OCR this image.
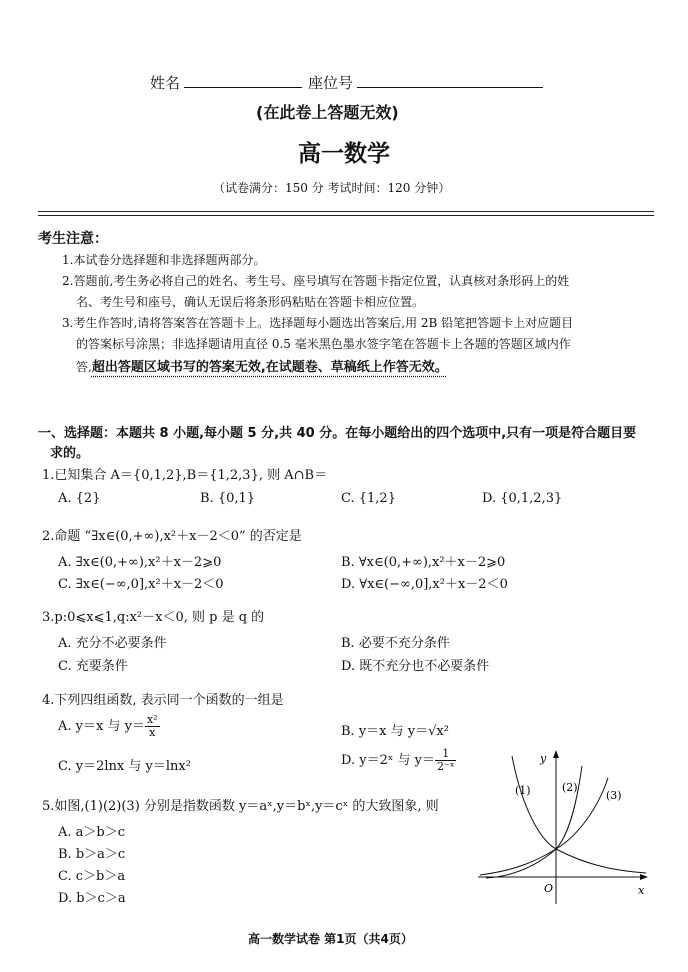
姓名	座位号
(在此卷上答题无效)
高一数学
（试卷满分：150 分 考试时间：120 分钟）
考生注意：
1.本试卷分选择题和非选择题两部分。
2.答题前,考生务必将自己的姓名、考生号、座号填写在答题卡指定位置，认真核对条形码上的姓
名、考生号和座号，确认无误后将条形码粘贴在答题卡相应位置。
3.考生作答时,请将答案答在答题卡上。选择题每小题选出答案后,用 2B 铅笔把答题卡上对应题目
的答案标号涂黑；非选择题请用直径 0.5 毫米黑色墨水签字笔在答题卡上各题的答题区域内作
答,超出答题区域书写的答案无效,在试题卷、草稿纸上作答无效。
一、选择题：本题共 8 小题,每小题 5 分,共 40 分。在每小题给出的四个选项中,只有一项是符合题目要
求的。
1.已知集合 A＝{0,1,2},B＝{1,2,3}, 则 A∩B＝
A. {2}	B. {0,1}	C. {1,2}	D. {0,1,2,3}
2.命题 “∃x∈(0,+∞),x²＋x－2＜0” 的否定是
A. ∃x∈(0,+∞),x²＋x－2⩾0	B. ∀x∈(0,+∞),x²＋x－2⩾0
C. ∃x∈(−∞,0],x²＋x－2＜0	D. ∀x∈(−∞,0],x²＋x－2＜0
3.p:0⩽x⩽1,q:x²－x＜0, 则 p 是 q 的
A. 充分不必要条件	B. 必要不充分条件
C. 充要条件	D. 既不充分也不必要条件
4.下列四组函数, 表示同一个函数的一组是
A. y＝x 与 $y= \frac{\text{x²}}{x}$	B. y＝x 与 y＝√x²
C. y＝2lnx 与 y＝lnx²	D. y＝2ˣ 与 $y= \frac{1}{\text{2⁻ˣ}}$
5.如图,(1)(2)(3) 分别是指数函数 y＝aˣ,y＝bˣ,y＝cˣ 的大致图象, 则
A. a＞b＞c
B. b＞a＞c
C. c＞b＞a
D. b＞c＞a
y
x
O
(1)	(2)
(3)
高一数学试卷 第1页（共4页）
